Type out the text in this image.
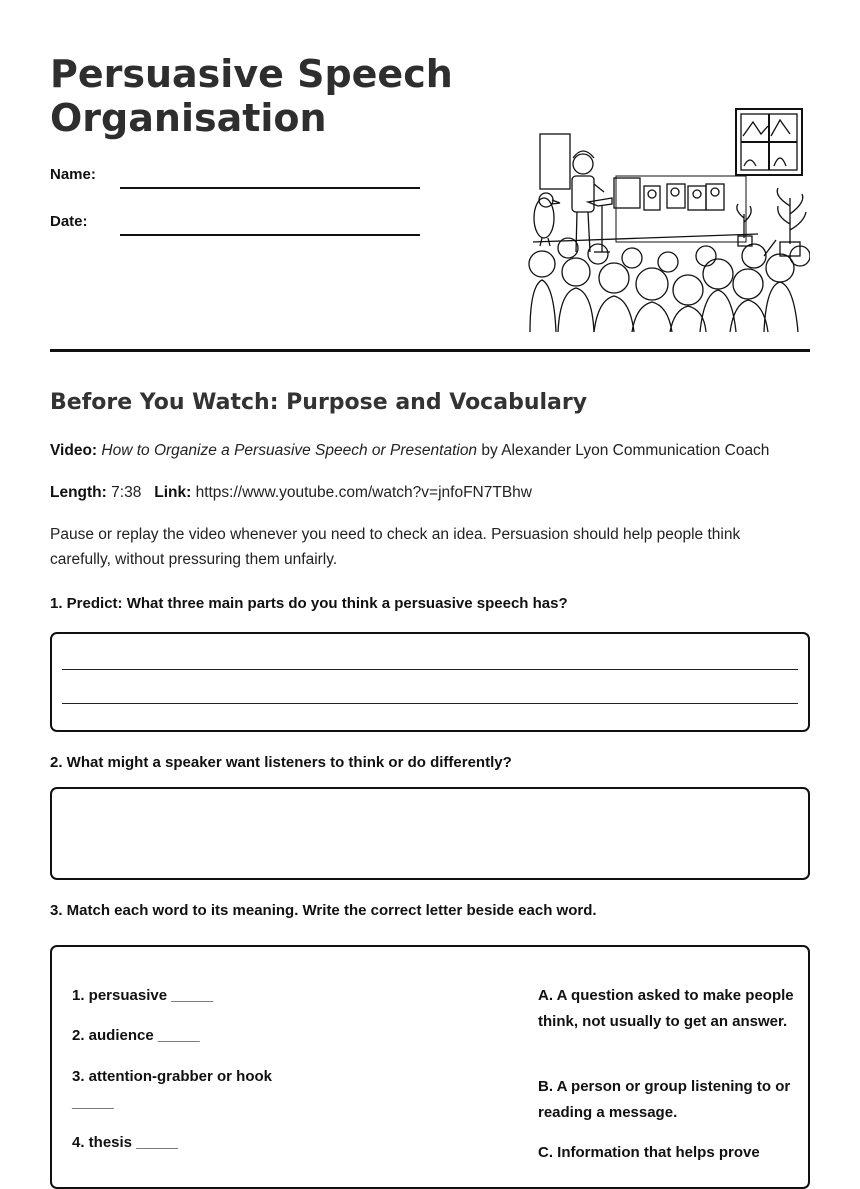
Persuasive Speech
Organisation
Name:
Date:
Before You Watch: Purpose and Vocabulary

Video: How to Organize a Persuasive Speech or Presentation by Alexander Lyon Communication Coach

Length: 7:38 Link: https://www.youtube.com/watch?v=jnfoFN7TBhw

Pause or replay the video whenever you need to check an idea. Persuasion should help people think carefully, without pressuring them unfairly.

1. Predict: What three main parts do you think a persuasive speech has?

2. What might a speaker want listeners to think or do differently?

3. Match each word to its meaning. Write the correct letter beside each word.

1. persuasive _____
2. audience _____
3. attention-grabber or hook _____
4. thesis _____
A. A question asked to make people think, not usually to get an answer.
B. A person or group listening to or reading a message.
C. Information that helps prove
